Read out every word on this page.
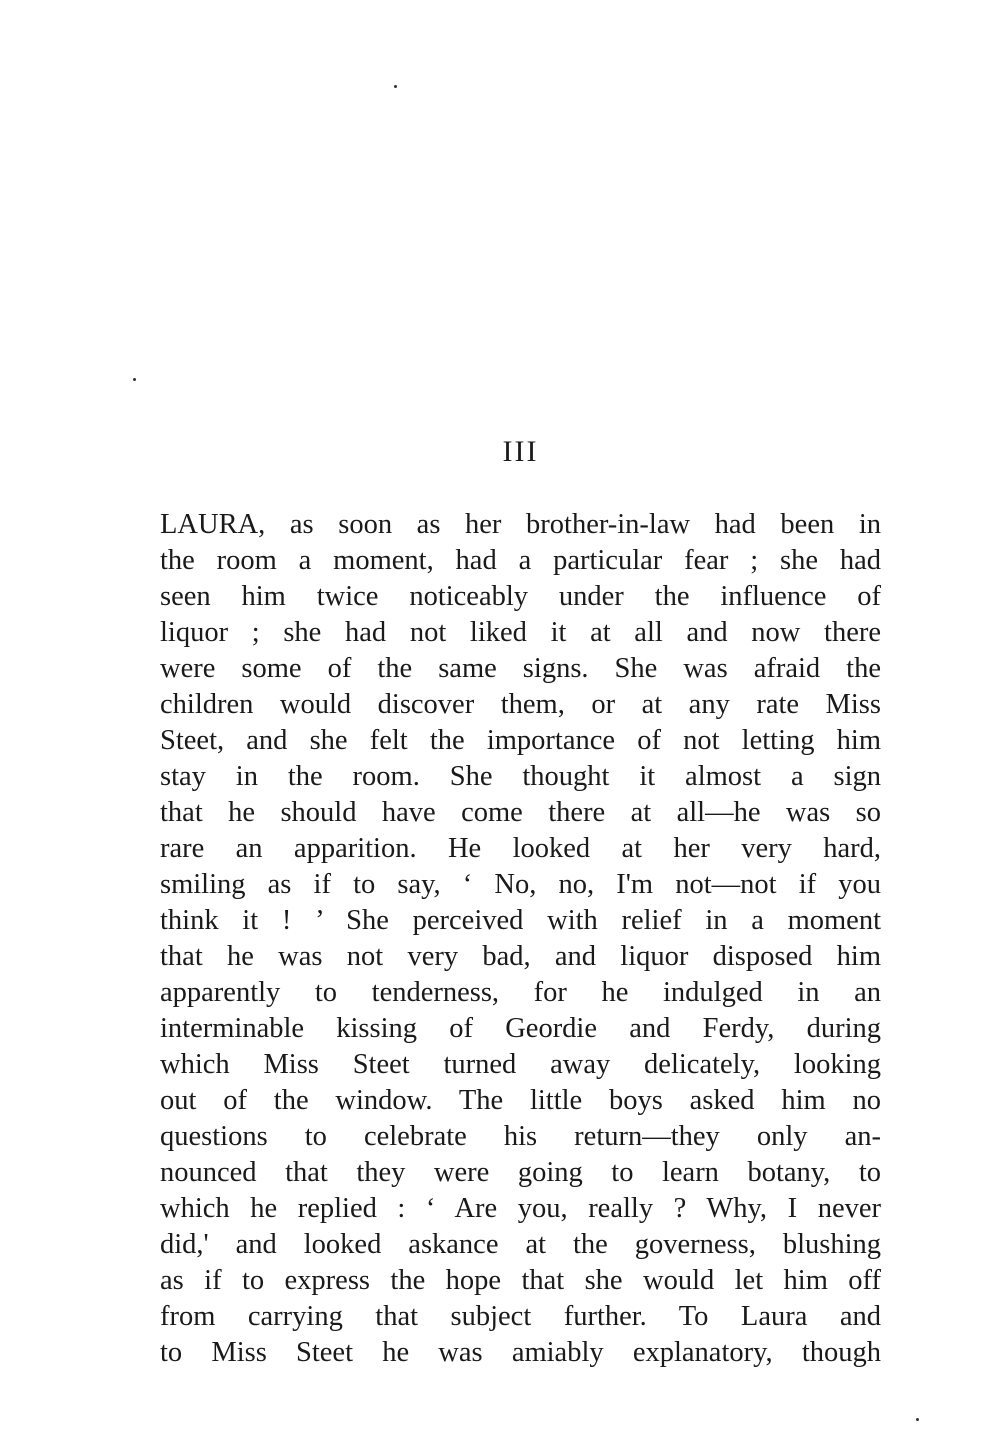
III
LAURA, as soon as her brother-in-law had been in
the room a moment, had a particular fear ; she had
seen him twice noticeably under the influence of
liquor ; she had not liked it at all and now there
were some of the same signs. She was afraid the
children would discover them, or at any rate Miss
Steet, and she felt the importance of not letting him
stay in the room. She thought it almost a sign
that he should have come there at all—he was so
rare an apparition. He looked at her very hard,
smiling as if to say, ‘ No, no, I'm not—not if you
think it ! ’ She perceived with relief in a moment
that he was not very bad, and liquor disposed him
apparently to tenderness, for he indulged in an
interminable kissing of Geordie and Ferdy, during
which Miss Steet turned away delicately, looking
out of the window. The little boys asked him no
questions to celebrate his return—they only an-
nounced that they were going to learn botany, to
which he replied : ‘ Are you, really ? Why, I never
did,' and looked askance at the governess, blushing
as if to express the hope that she would let him off
from carrying that subject further. To Laura and
to Miss Steet he was amiably explanatory, though
